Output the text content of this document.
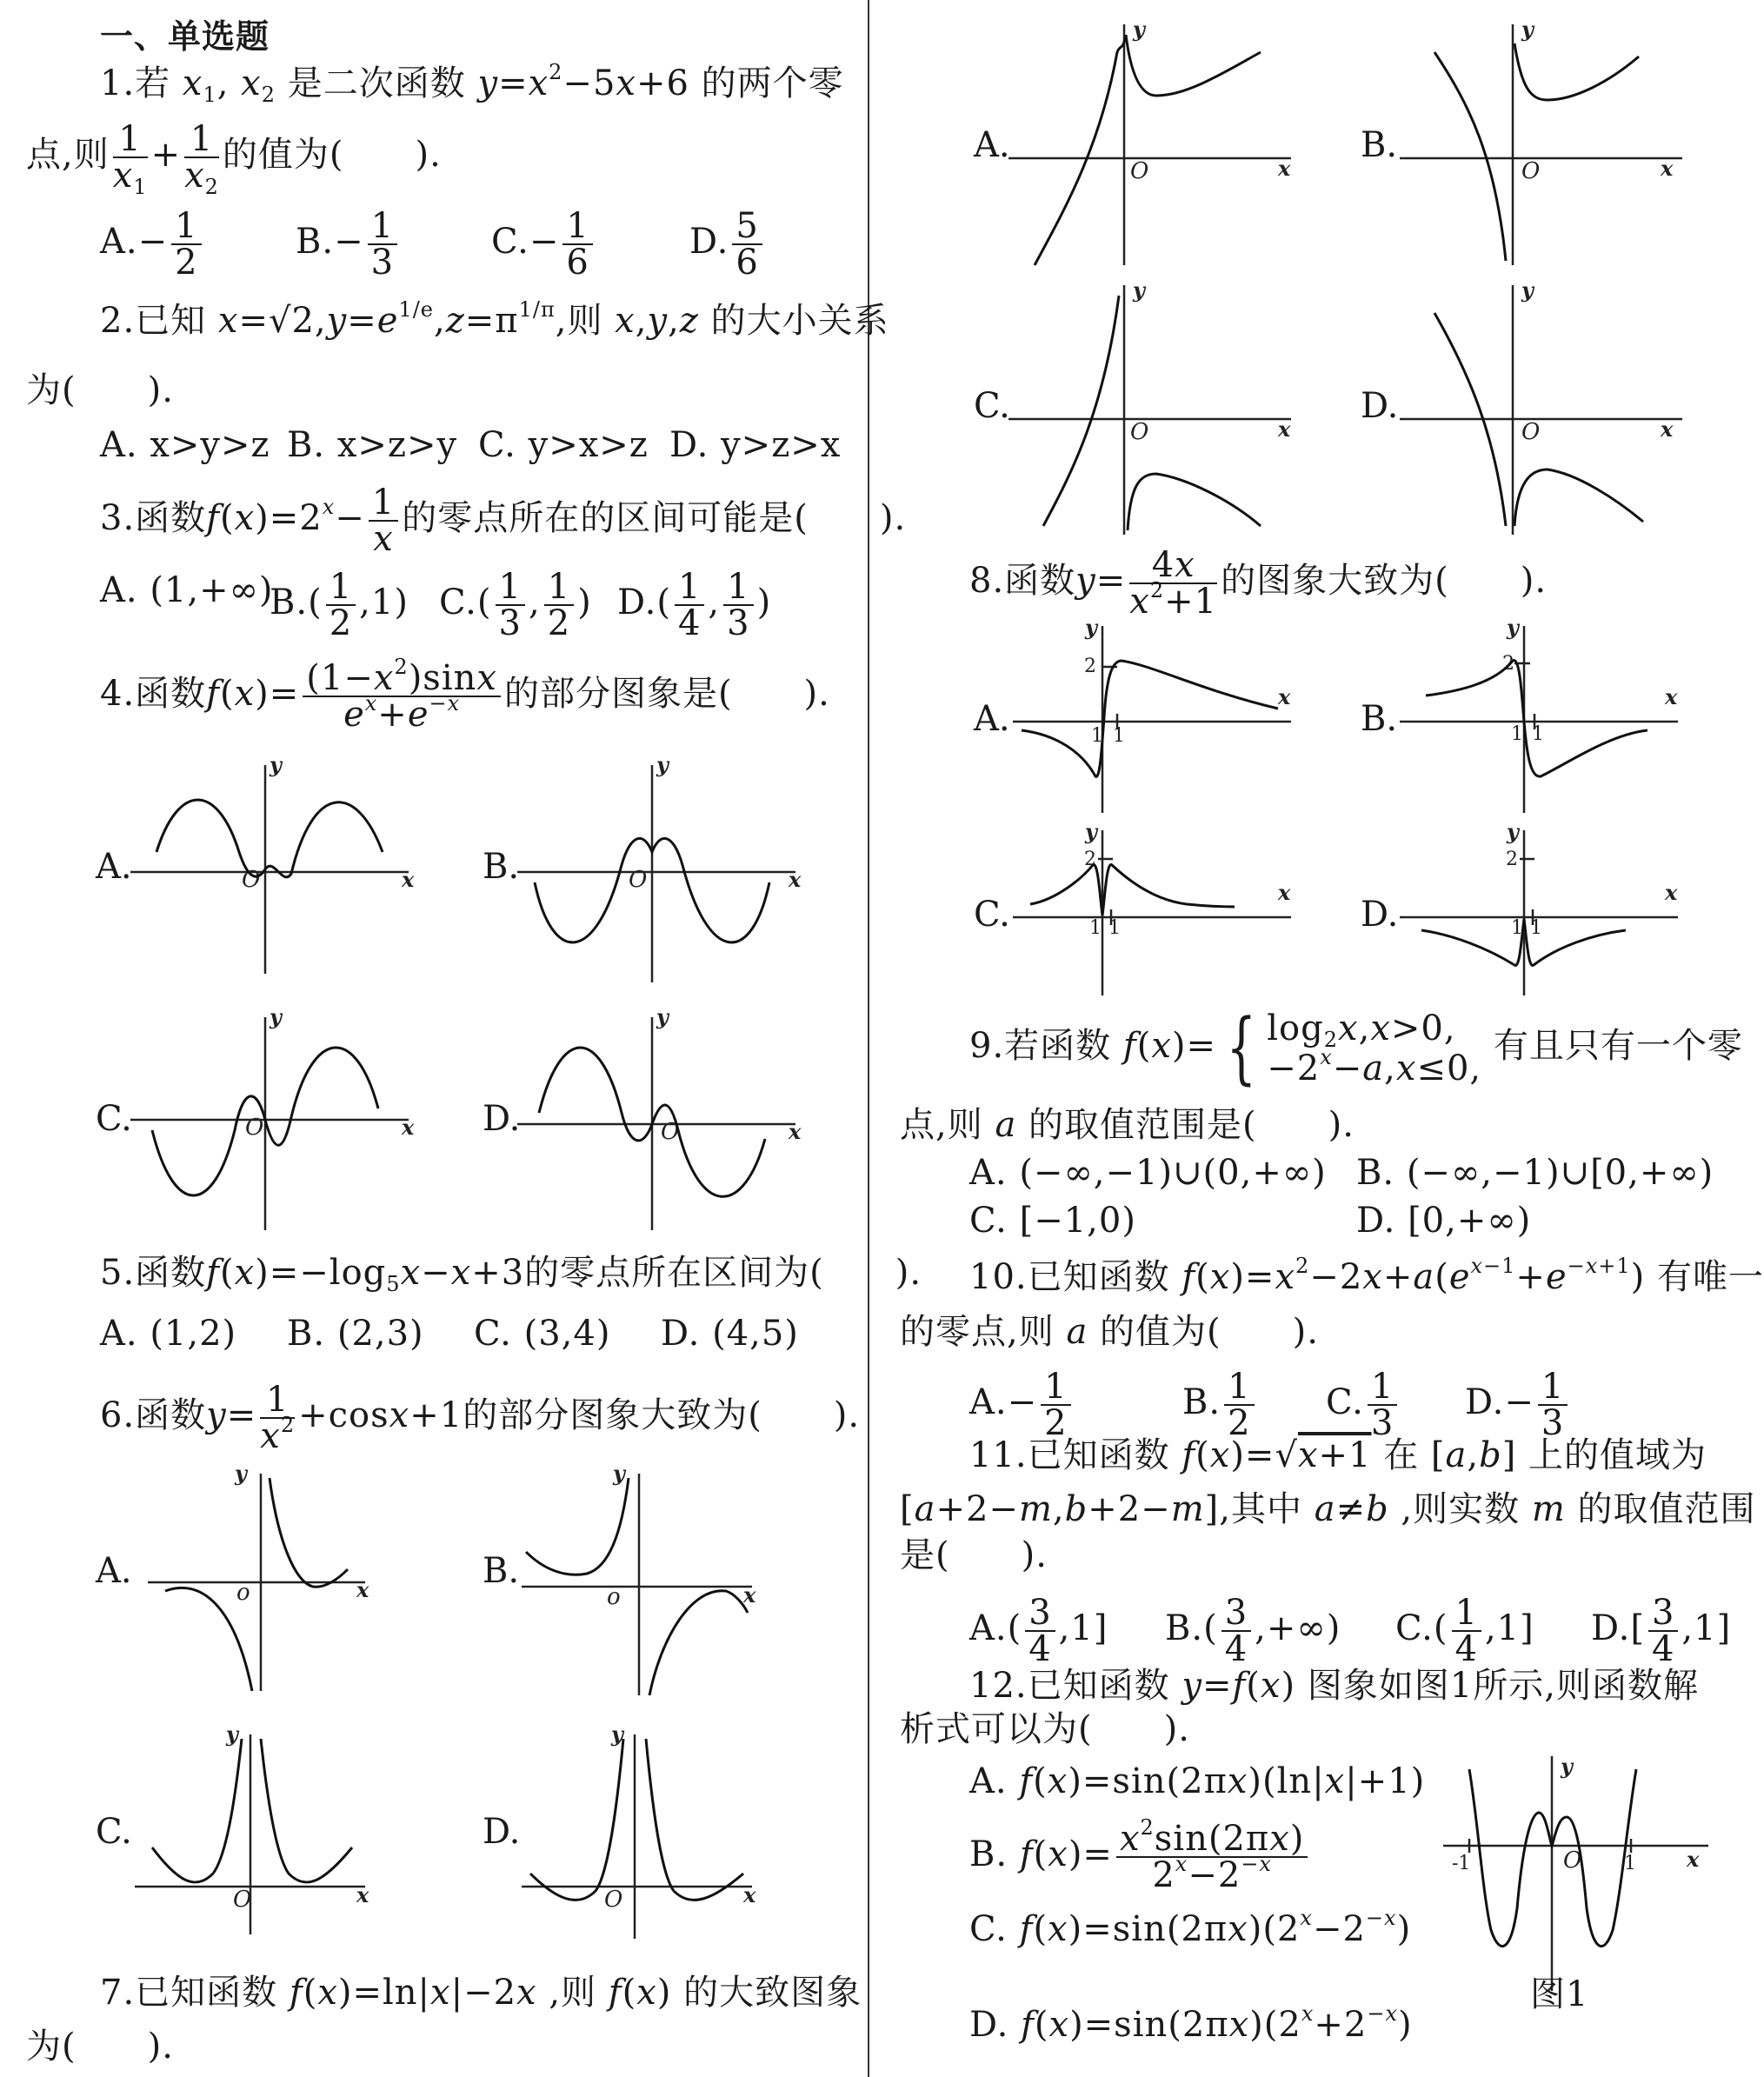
一、单选题
1.若 $x_1$, $x_2$ 是二次函数 $y=x^2-5x+6$ 的两个零
点,则 $\frac{1}{x_1} + \frac{1}{x_2}$ 的值为(　　).
$A.- \frac{1}{2}$	$B.- \frac{1}{3}$	$C.- \frac{1}{6}$	D. $\frac{5}{6}$
2.已知 $x=√2,y=e^{1/e},z=\pi^{1/\pi}$,则 x,y,z 的大小关系
为(　　).
A. x>y>z B. x>z>y C. y>x>z D. y>z>x
3.函数$f(x)=2^x- \frac{1}{x}$ 的零点所在的区间可能是(　　).
A. (1,+∞)
$B.( \frac{1}{2} ,1)$ $C.( \frac{1}{3}$ , $\frac{1}{2}$ ) $D.( \frac{1}{4}$ , $\frac{1}{3}$ )
4.函数$f(x)= \frac{(1-x^2)\sin x}{e^x+e^{-x}}$ 的部分图象是(　　).
A.	x
y
O	B.	x
y
O
C.	x
y
O	D.	x
y
O
5.函数$f(x)=-\log_5x-x+3$的零点所在区间为(　　).
A. (1,2) B. (2,3) C. (3,4) D. (4,5)
6.函数$y= \frac{1}{x^2} +\cos x+1$的部分图象大致为(　　).
A.	x
y
o
B.
x
y
o
C.
x
y
O
D.
x
y
O
7.已知函数 f(x)=ln|x|−2x ,则 f(x) 的大致图象
为(　　).
A.
x
y
O
B.
x
y
O
C.
x
y
O
D.
x
y
O
8.函数$y= \frac{4x}{x^2+1}$ 的图象大致为(　　).
A.
x
y
2
1 1	B.
x
y
2
1 1
C.
x
y
2
1 1	D.
x
y
2
1 1
9.若函数 f(x)= { $\log_2x,x>0$,
$-2^x-a,x\le 0$, 有且只有一个零
点,则 a 的取值范围是(　　).
A. (−∞,−1)∪(0,+∞) B. (−∞,−1)∪[0,+∞)
C. [−1,0)	D. [0,+∞)
10.已知函数 $f(x)=x^2-2x+a(e^{x-1}+e^{-x+1})$ 有唯一
的零点,则 a 的值为(　　).
$A.- \frac{1}{2}$	B. $\frac{1}{2} C$. $\frac{1}{3} D.- \frac{1}{3}$
11.已知函数 f(x)=√x+1 在 [a,b] 上的值域为
[a+2−m,b+2−m],其中 a≠b ,则实数 m 的取值范围
是(　　).
$A.( \frac{3}{4} ,1]$ $B.( \frac{3}{4}$ ,+∞) $C.( \frac{1}{4} ,1]$ $D.[ \frac{3}{4} ,1]$
12.已知函数 y=f(x) 图象如图1所示,则函数解
析式可以为(　　).
A. f(x)=sin(2πx)(ln|x|+1)
B. $f(x)= \frac{x^2\sin(2\pi x)}{2^x-2^{-x}}$
C. $f(x)=\sin(2\pi x)(2^x-2^{-x})$
D. $f(x)=\sin(2\pi x)(2^x+2^{-x})$
x
y
O
-1	1
图1
